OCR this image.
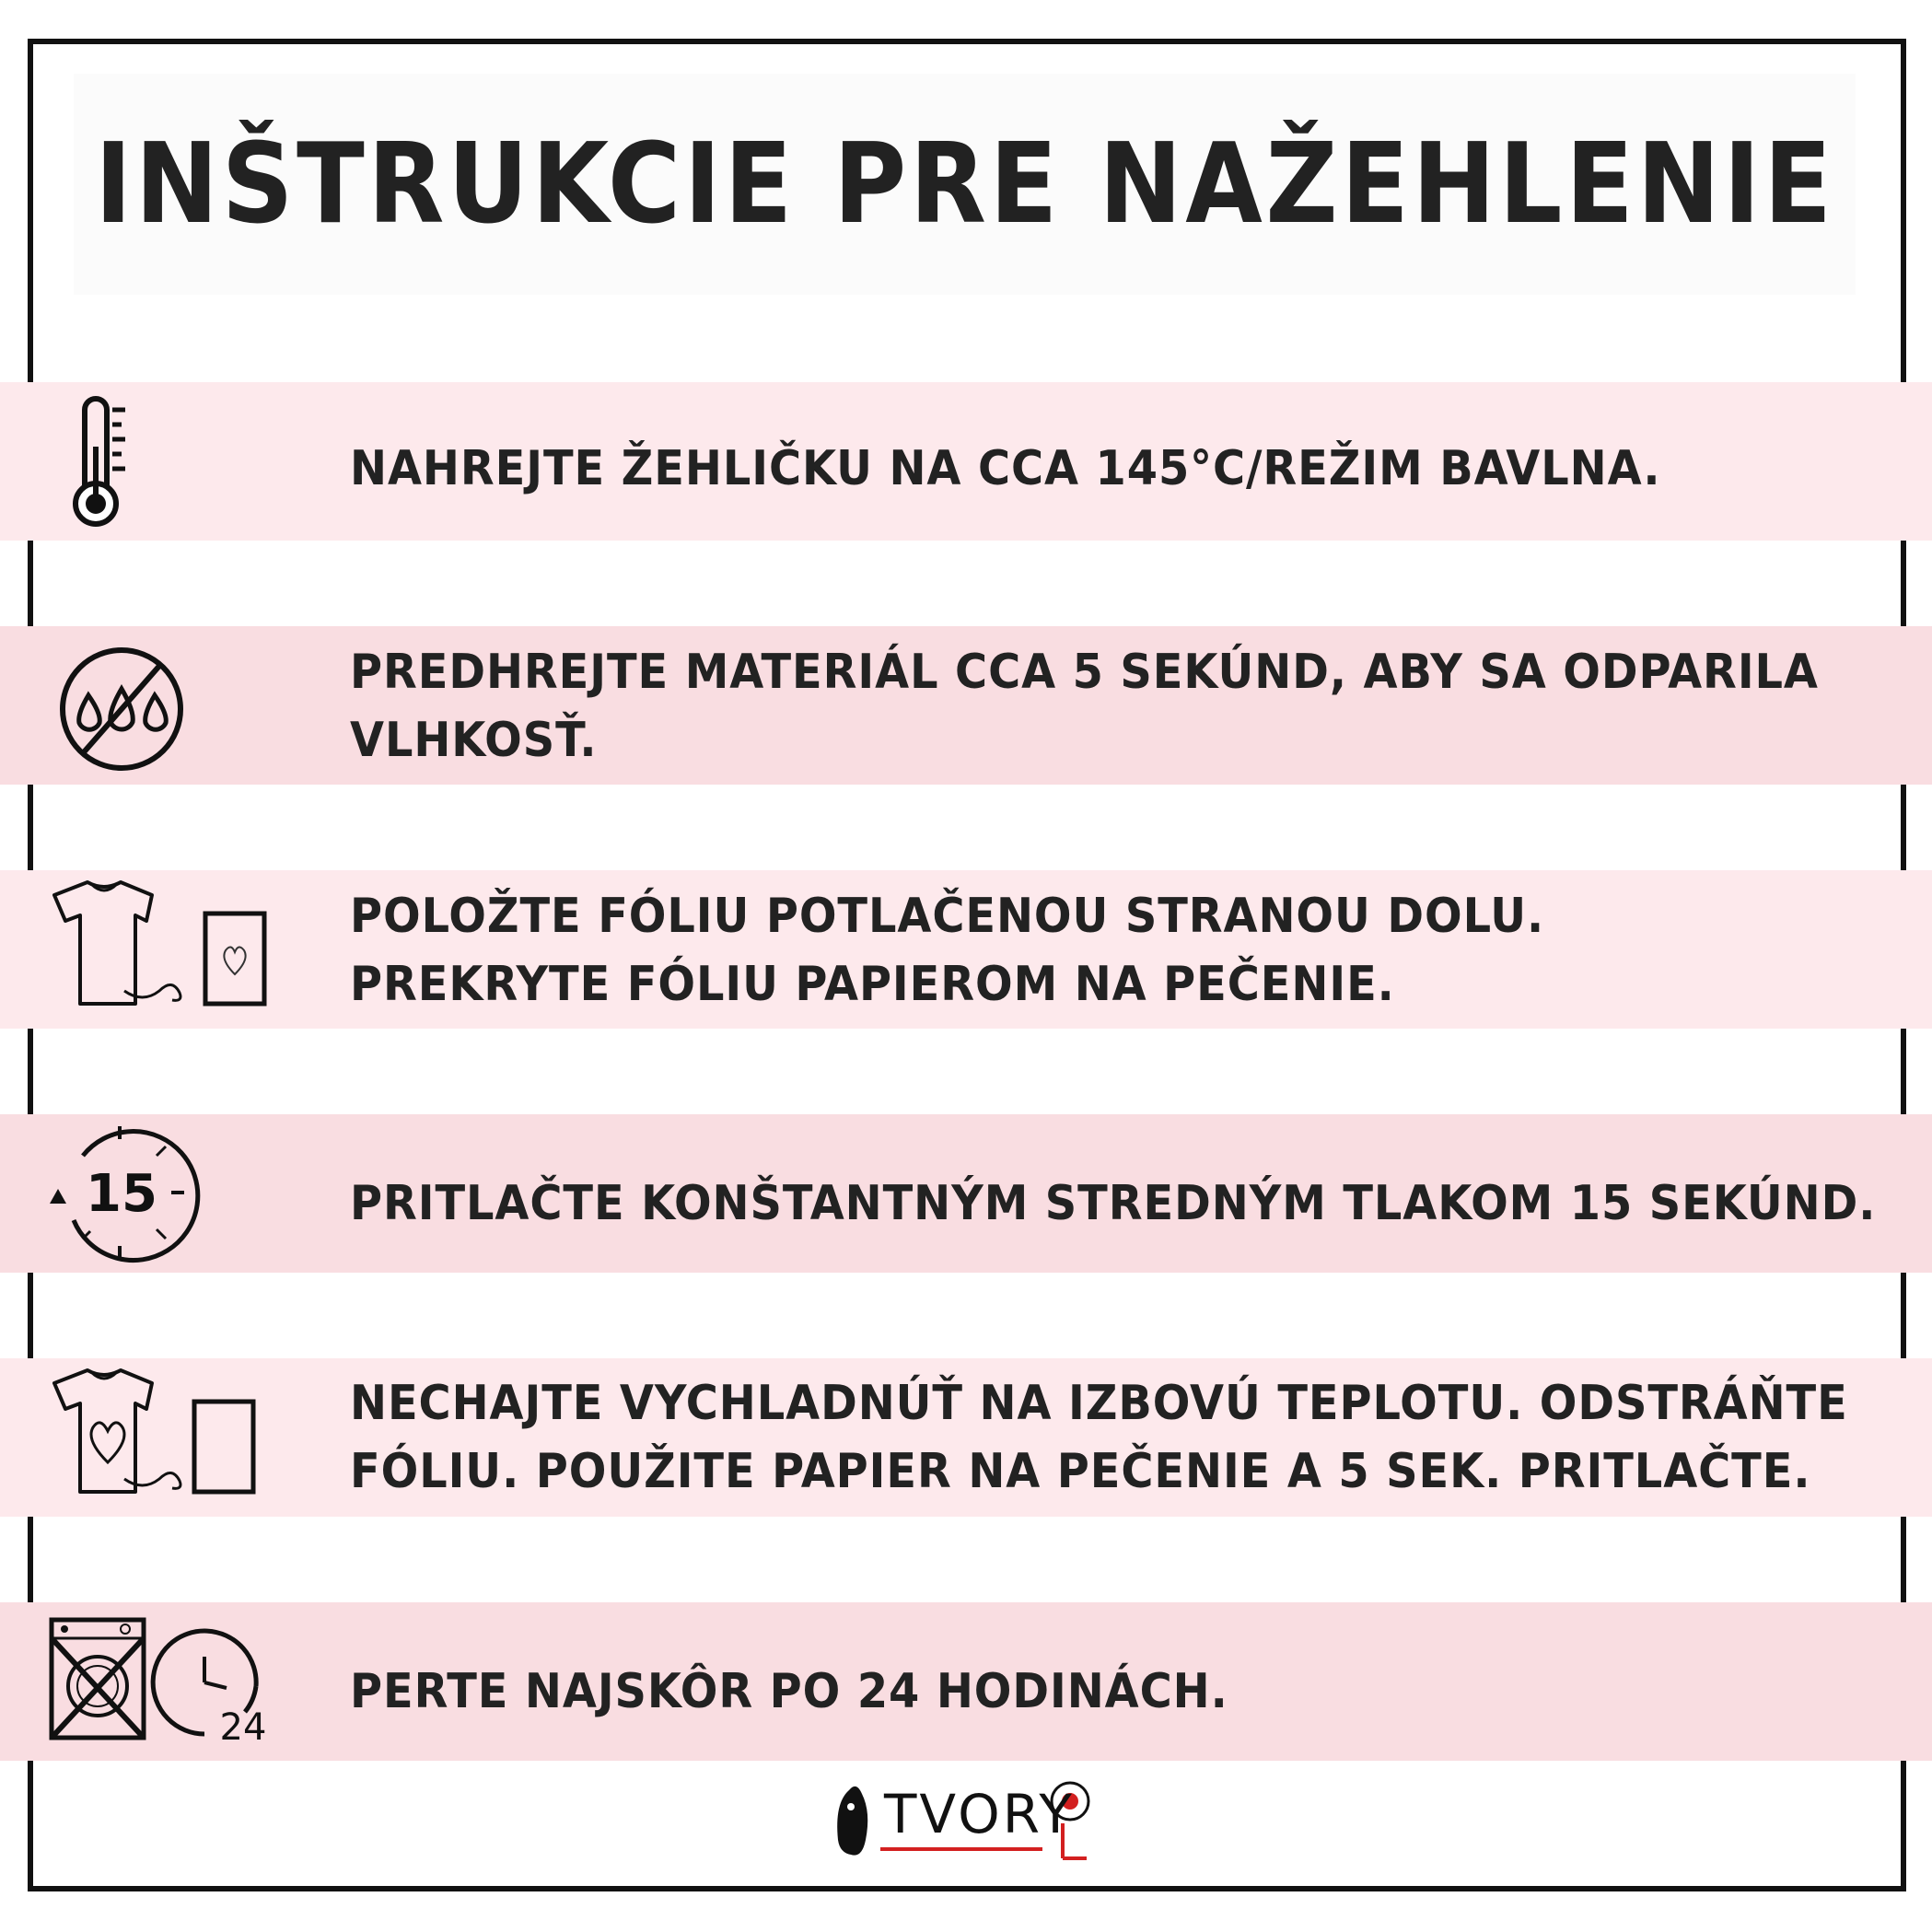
INŠTRUKCIE PRE NAŽEHLENIE
NAHREJTE ŽEHLIČKU NA CCA 145°C/REŽIM BAVLNA.
PREDHREJTE MATERIÁL CCA 5 SEKÚND, ABY SA ODPARILA
VLHKOSŤ.
POLOŽTE FÓLIU POTLAČENOU STRANOU DOLU.
PREKRYTE FÓLIU PAPIEROM NA PEČENIE.
15	PRITLAČTE KONŠTANTNÝM STREDNÝM TLAKOM 15 SEKÚND.
NECHAJTE VYCHLADNÚŤ NA IZBOVÚ TEPLOTU. ODSTRÁŇTE
FÓLIU. POUŽITE PAPIER NA PEČENIE A 5 SEK. PRITLAČTE.
24
PERTE NAJSKÔR PO 24 HODINÁCH.
TVORY
